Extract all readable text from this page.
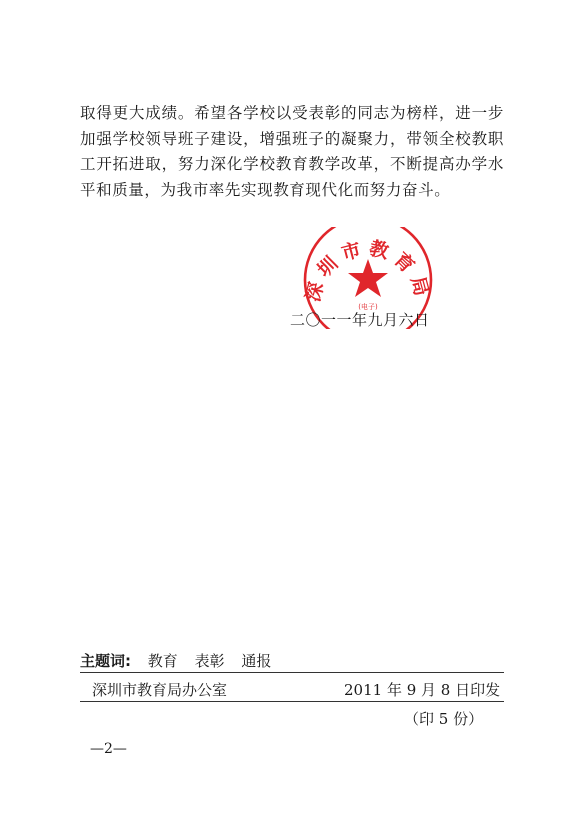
取得更大成绩。希望各学校以受表彰的同志为榜样，进一步加强学校领导班子建设，增强班子的凝聚力，带领全校教职工开拓进取，努力深化学校教育教学改革，不断提高办学水平和质量，为我市率先实现教育现代化而努力奋斗。

深圳市教育局
(电子)
二〇一一年九月六日
主题词: 教育 表彰 通报
深圳市教育局办公室	2011 年 9 月 8 日印发
（印 5 份）
—2—
